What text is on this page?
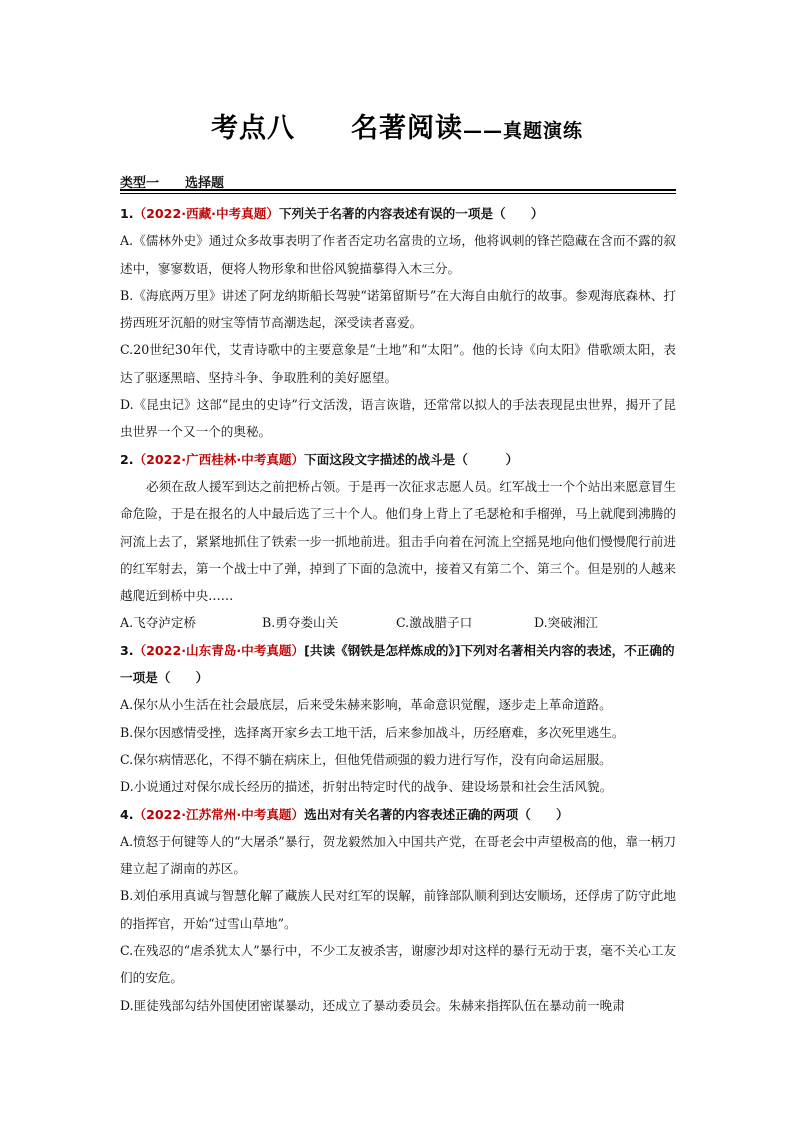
考点八 名著阅读——真题演练
类型一 选择题
1.（2022·西藏·中考真题）下列关于名著的内容表述有误的一项是（　　）
A.《儒林外史》通过众多故事表明了作者否定功名富贵的立场，他将讽刺的锋芒隐藏在含而不露的叙述中，寥寥数语，便将人物形象和世俗风貌描摹得入木三分。
B.《海底两万里》讲述了阿龙纳斯船长驾驶“诺第留斯号”在大海自由航行的故事。参观海底森林、打捞西班牙沉船的财宝等情节高潮迭起，深受读者喜爱。
C.20世纪30年代，艾青诗歌中的主要意象是“土地”和“太阳”。他的长诗《向太阳》借歌颂太阳，表达了驱逐黑暗、坚持斗争、争取胜利的美好愿望。
D.《昆虫记》这部“昆虫的史诗”行文活泼，语言诙谐，还常常以拟人的手法表现昆虫世界，揭开了昆虫世界一个又一个的奥秘。
2.（2022·广西桂林·中考真题）下面这段文字描述的战斗是（　　　）
必须在敌人援军到达之前把桥占领。于是再一次征求志愿人员。红军战士一个个站出来愿意冒生命危险，于是在报名的人中最后选了三十个人。他们身上背上了毛瑟枪和手榴弹，马上就爬到沸腾的河流上去了，紧紧地抓住了铁索一步一抓地前进。狙击手向着在河流上空摇晃地向他们慢慢爬行前进的红军射去，第一个战士中了弹，掉到了下面的急流中，接着又有第二个、第三个。但是别的人越来越爬近到桥中央……
A.飞夺泸定桥	B.勇夺娄山关	C.激战腊子口	D.突破湘江
3.（2022·山东青岛·中考真题）[共读《钢铁是怎样炼成的》]下列对名著相关内容的表述，不正确的一项是（　　）
A.保尔从小生活在社会最底层，后来受朱赫来影响，革命意识觉醒，逐步走上革命道路。
B.保尔因感情受挫，选择离开家乡去工地干活，后来参加战斗，历经磨难，多次死里逃生。
C.保尔病情恶化，不得不躺在病床上，但他凭借顽强的毅力进行写作，没有向命运屈服。
D.小说通过对保尔成长经历的描述，折射出特定时代的战争、建设场景和社会生活风貌。
4.（2022·江苏常州·中考真题）选出对有关名著的内容表述正确的两项（　　）
A.愤怒于何键等人的“大屠杀”暴行，贺龙毅然加入中国共产党，在哥老会中声望极高的他，靠一柄刀建立起了湖南的苏区。
B.刘伯承用真诚与智慧化解了藏族人民对红军的误解，前锋部队顺利到达安顺场，还俘虏了防守此地的指挥官，开始“过雪山草地”。
C.在残忍的“虐杀犹太人”暴行中，不少工友被杀害，谢廖沙却对这样的暴行无动于衷，毫不关心工友们的安危。
D.匪徒残部勾结外国使团密谋暴动，还成立了暴动委员会。朱赫来指挥队伍在暴动前一晚肃
